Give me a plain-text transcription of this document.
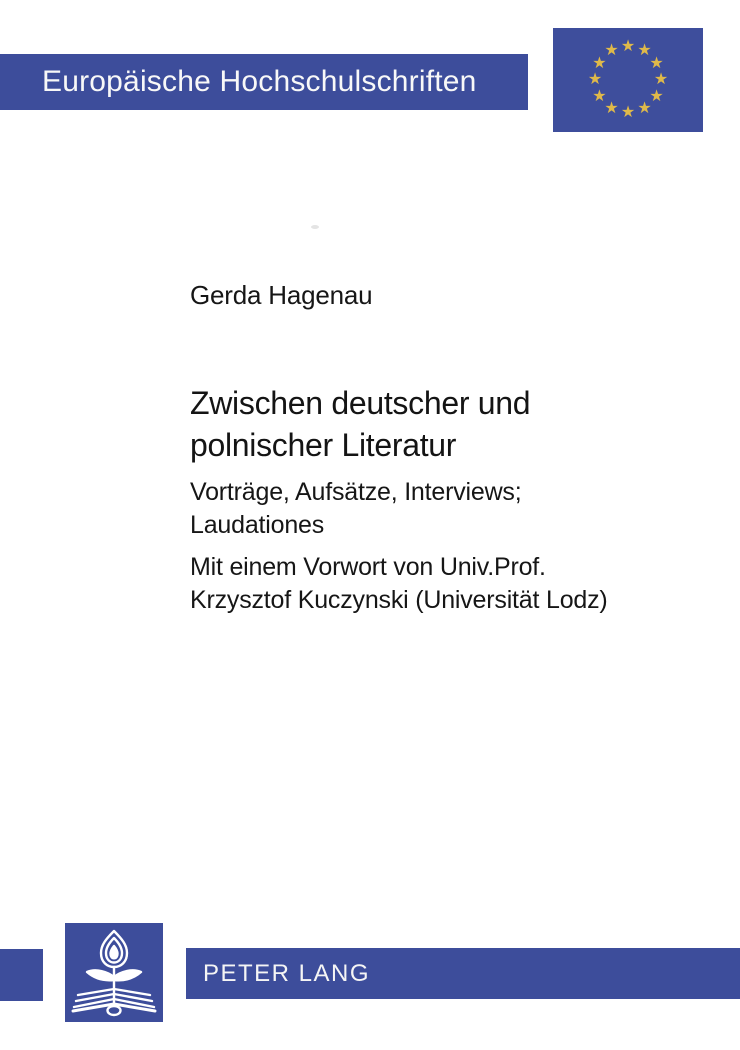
Europäische Hochschulschriften
★ ★
★
★
★
★
★
★
★
★
★
★
Gerda Hagenau
Zwischen deutscher und
polnischer Literatur
Vorträge, Aufsätze, Interviews;
Laudationes
Mit einem Vorwort von Univ.Prof.
Krzysztof Kuczynski (Universität Lodz)
PETER LANG
